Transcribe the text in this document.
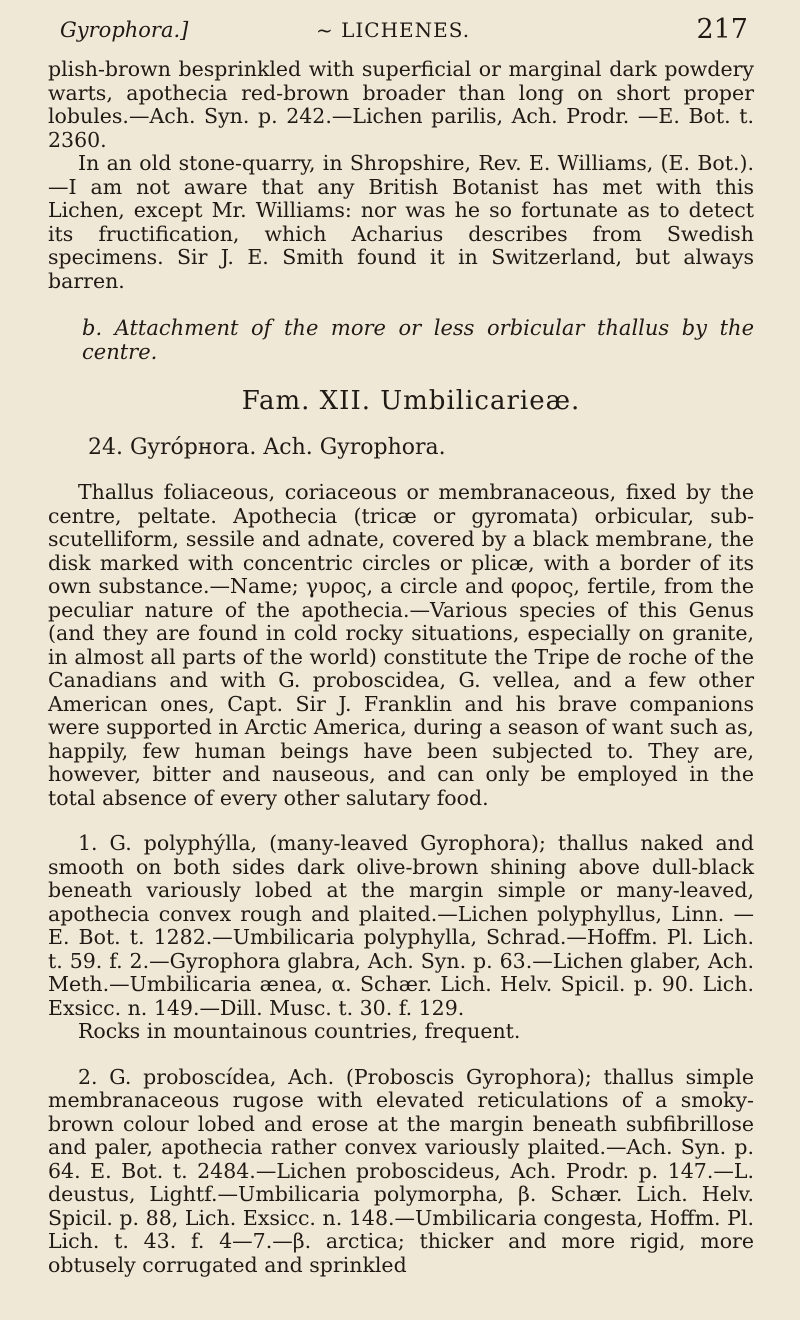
Gyrophora.]	~ LICHENES.	217

plish-brown besprinkled with superficial or marginal dark powdery warts, apothecia red-brown broader than long on short proper lobules.—Ach. Syn. p. 242.—Lichen parilis, Ach. Prodr. —E. Bot. t. 2360.

In an old stone-quarry, in Shropshire, Rev. E. Williams, (E. Bot.).—I am not aware that any British Botanist has met with this Lichen, except Mr. Williams: nor was he so fortunate as to detect its fructification, which Acharius describes from Swedish specimens. Sir J. E. Smith found it in Switzerland, but always barren.

b. Attachment of the more or less orbicular thallus by the centre.

Fam. XII. Umbilicariеæ.

24. Gyrópнora. Ach. Gyrophora.

Thallus foliaceous, coriaceous or membranaceous, fixed by the centre, peltate. Apothecia (tricæ or gyromata) orbicular, sub-scutelliform, sessile and adnate, covered by a black membrane, the disk marked with concentric circles or plicæ, with a border of its own substance.—Name; γυρος, a circle and φορος, fertile, from the peculiar nature of the apothecia.—Various species of this Genus (and they are found in cold rocky situations, especially on granite, in almost all parts of the world) constitute the Tripe de roche of the Canadians and with G. proboscidea, G. vellea, and a few other American ones, Capt. Sir J. Franklin and his brave companions were supported in Arctic America, during a season of want such as, happily, few human beings have been subjected to. They are, however, bitter and nauseous, and can only be employed in the total absence of every other salutary food.

1. G. polyphýlla, (many-leaved Gyrophora); thallus naked and smooth on both sides dark olive-brown shining above dull-black beneath variously lobed at the margin simple or many-leaved, apothecia convex rough and plaited.—Lichen polyphyllus, Linn. —E. Bot. t. 1282.—Umbilicaria polyphylla, Schrad.—Hoffm. Pl. Lich. t. 59. f. 2.—Gyrophora glabra, Ach. Syn. p. 63.—Lichen glaber, Ach. Meth.—Umbilicaria ænea, α. Schær. Lich. Helv. Spicil. p. 90. Lich. Exsicc. n. 149.—Dill. Musc. t. 30. f. 129.

Rocks in mountainous countries, frequent.

2. G. proboscídea, Ach. (Proboscis Gyrophora); thallus simple membranaceous rugose with elevated reticulations of a smoky-brown colour lobed and erose at the margin beneath subfibrillose and paler, apothecia rather convex variously plaited.—Ach. Syn. p. 64. E. Bot. t. 2484.—Lichen proboscideus, Ach. Prodr. p. 147.—L. deustus, Lightf.—Umbilicaria polymorpha, β. Schær. Lich. Helv. Spicil. p. 88, Lich. Exsicc. n. 148.—Umbilicaria congesta, Hoffm. Pl. Lich. t. 43. f. 4—7.—β. arctica; thicker and more rigid, more obtusely corrugated and sprinkled
